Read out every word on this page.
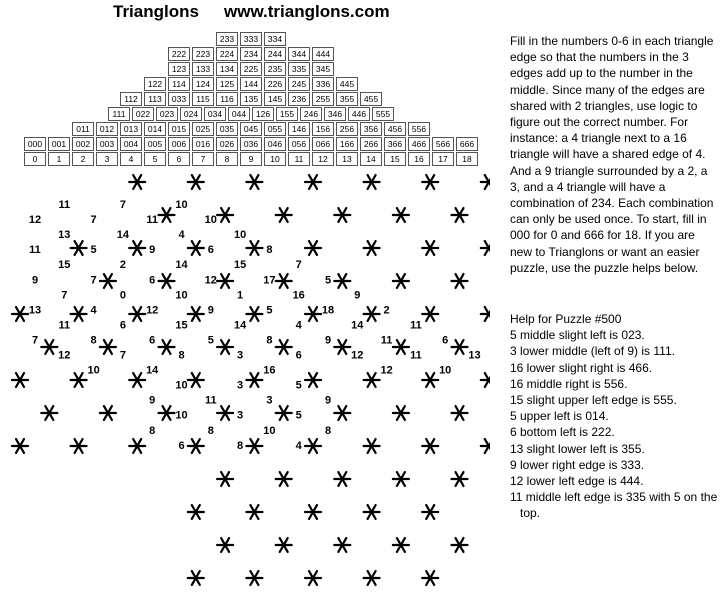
Trianglons www.trianglons.com
233	333	334
222	223	224	234	244	344	444
123	133	134	225	235	335	345
122	114	124	125	144	226	245	336	445
112	113	033	115	116	135	145	236	255	355	455
111	022	023	024	034	044	126	155	246	346	446	555
011	012	013	014	015	025	035	045	055	146	156	256	356	456	556
000	001	002	003	004	005	006	016	026	036	046	056	066	166	266	366	466	566	666
0	1	2	3	4	5	6	7	8	9	10	11	12	13	14	15	16	17	18
11	7	10
12	7	11	10
13	14	4	10
11	5	9	6	8
15	2	14	15	7
9	7	6	12	17	5
7	0	10	1	16	9
13	4	12	9	5	18	2
11	6	15	14	4	14	11
7	8	6	5	8	9	11	6
12	7	8	3	6	12	11	13
10	14	16	12	10
10	3	5
9	11	3	9
10	3	5
8	8	10	8
6	8	4
Fill in the numbers 0-6 in each triangle edge so that the numbers in the 3 edges add up to the number in the middle. Since many of the edges are shared with 2 triangles, use logic to figure out the correct number. For instance: a 4 triangle next to a 16 triangle will have a shared edge of 4. And a 9 triangle surrounded by a 2, a 3, and a 4 triangle will have a combination of 234. Each combination can only be used once. To start, fill in 000 for 0 and 666 for 18. If you are new to Trianglons or want an easier puzzle, use the puzzle helps below.
Help for Puzzle #500
5 middle slight left is 023.
3 lower middle (left of 9) is 111.
16 lower slight right is 466.
16 middle right is 556.
15 slight upper left edge is 555.
5 upper left is 014.
6 bottom left is 222.
13 slight lower left is 355.
9 lower right edge is 333.
12 lower left edge is 444.
11 middle left edge is 335 with 5 on the top.
